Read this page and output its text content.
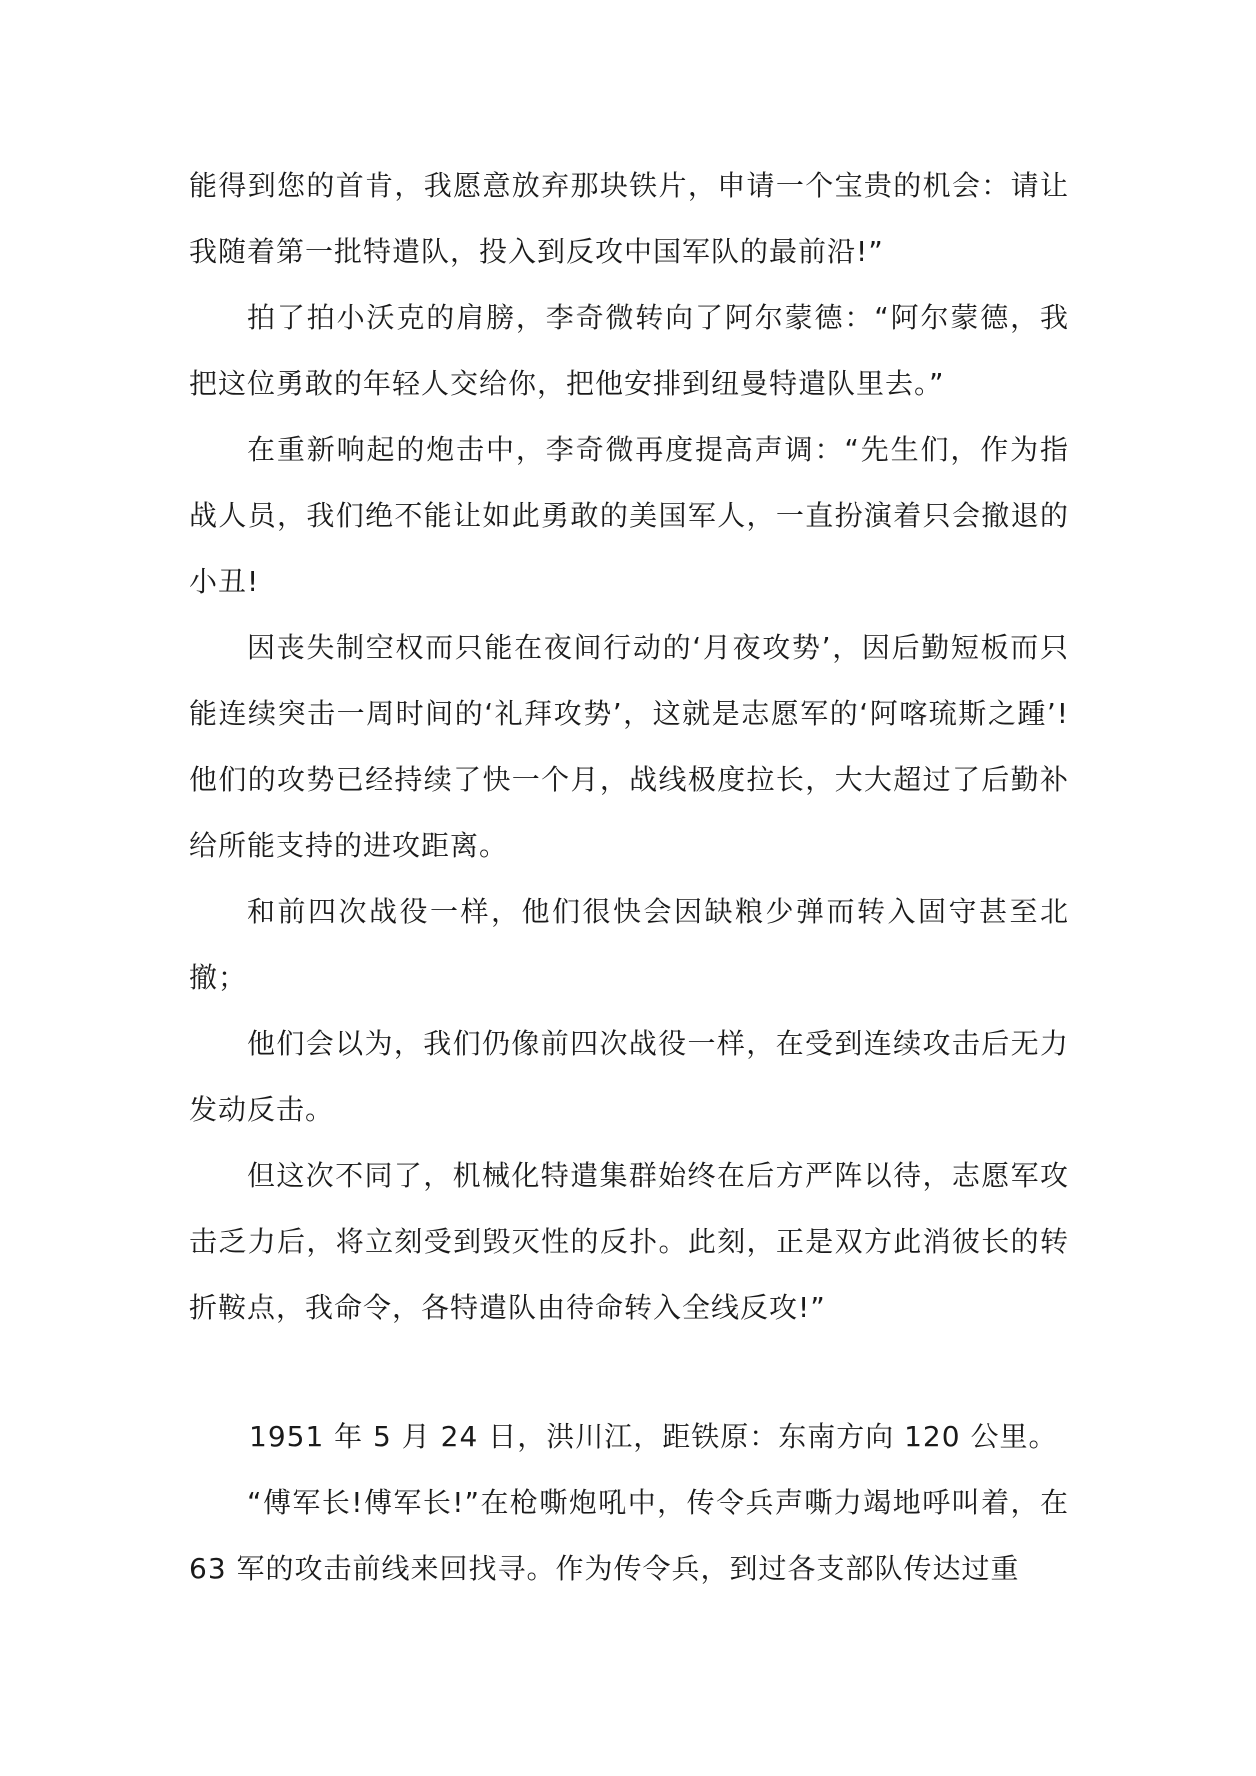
能得到您的首肯，我愿意放弃那块铁片，申请一个宝贵的机会：请让我随着第一批特遣队，投入到反攻中国军队的最前沿!”

拍了拍小沃克的肩膀，李奇微转向了阿尔蒙德：“阿尔蒙德，我把这位勇敢的年轻人交给你，把他安排到纽曼特遣队里去。”

在重新响起的炮击中，李奇微再度提高声调：“先生们，作为指战人员，我们绝不能让如此勇敢的美国军人，一直扮演着只会撤退的小丑!

因丧失制空权而只能在夜间行动的‘月夜攻势’，因后勤短板而只能连续突击一周时间的‘礼拜攻势’，这就是志愿军的‘阿喀琉斯之踵’!他们的攻势已经持续了快一个月，战线极度拉长，大大超过了后勤补给所能支持的进攻距离。

和前四次战役一样，他们很快会因缺粮少弹而转入固守甚至北撤；

他们会以为，我们仍像前四次战役一样，在受到连续攻击后无力发动反击。

但这次不同了，机械化特遣集群始终在后方严阵以待，志愿军攻击乏力后，将立刻受到毁灭性的反扑。此刻，正是双方此消彼长的转折鞍点，我命令，各特遣队由待命转入全线反攻!”

1951 年 5 月 24 日，洪川江，距铁原：东南方向 120 公里。

“傅军长!傅军长!”在枪嘶炮吼中，传令兵声嘶力竭地呼叫着，在 63 军的攻击前线来回找寻。作为传令兵，到过各支部队传达过重
